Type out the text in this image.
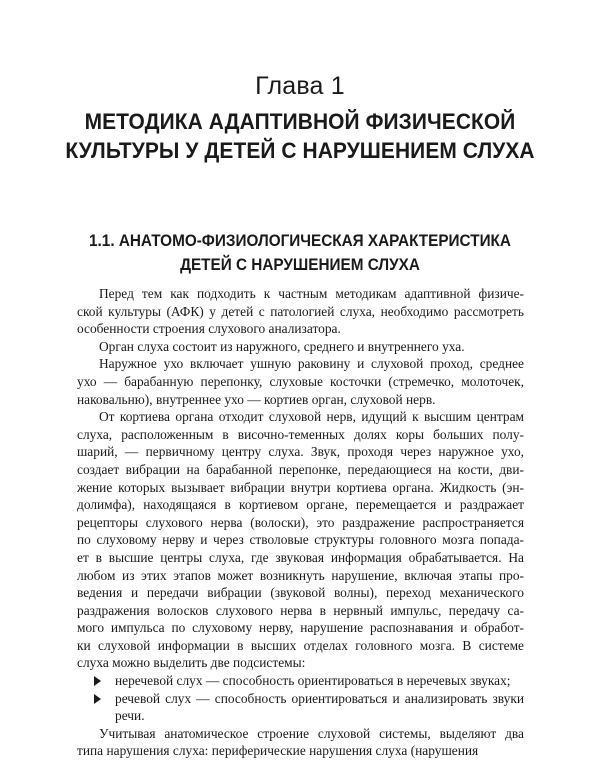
Глава 1
МЕТОДИКА АДАПТИВНОЙ ФИЗИЧЕСКОЙ
КУЛЬТУРЫ У ДЕТЕЙ С НАРУШЕНИЕМ СЛУХА
1.1. АНАТОМО-ФИЗИОЛОГИЧЕСКАЯ ХАРАКТЕРИСТИКА
ДЕТЕЙ С НАРУШЕНИЕМ СЛУХА

Перед тем как подходить к частным методикам адаптивной физиче-
ской культуры (АФК) у детей с патологией слуха, необходимо рассмотреть
особенности строения слухового анализатора.

Орган слуха состоит из наружного, среднего и внутреннего уха.

Наружное ухо включает ушную раковину и слуховой проход, среднее
ухо — барабанную перепонку, слуховые косточки (стремечко, молоточек,
наковальню), внутреннее ухо — кортиев орган, слуховой нерв.

От кортиева органа отходит слуховой нерв, идущий к высшим центрам
слуха, расположенным в височно-теменных долях коры больших полу-
шарий, — первичному центру слуха. Звук, проходя через наружное ухо,
создает вибрации на барабанной перепонке, передающиеся на кости, дви-
жение которых вызывает вибрации внутри кортиева органа. Жидкость (эн-
долимфа), находящаяся в кортиевом органе, перемещается и раздражает
рецепторы слухового нерва (волоски), это раздражение распространяется
по слуховому нерву и через стволовые структуры головного мозга попада-
ет в высшие центры слуха, где звуковая информация обрабатывается. На
любом из этих этапов может возникнуть нарушение, включая этапы про-
ведения и передачи вибрации (звуковой волны), переход механического
раздражения волосков слухового нерва в нервный импульс, передачу са-
мого импульса по слуховому нерву, нарушение распознавания и обработ-
ки слуховой информации в высших отделах головного мозга. В системе
слуха можно выделить две подсистемы:

неречевой слух — способность ориентироваться в неречевых звуках;
речевой слух — способность ориентироваться и анализировать звуки
речи.

Учитывая анатомическое строение слуховой системы, выделяют два
типа нарушения слуха: периферические нарушения слуха (нарушения
